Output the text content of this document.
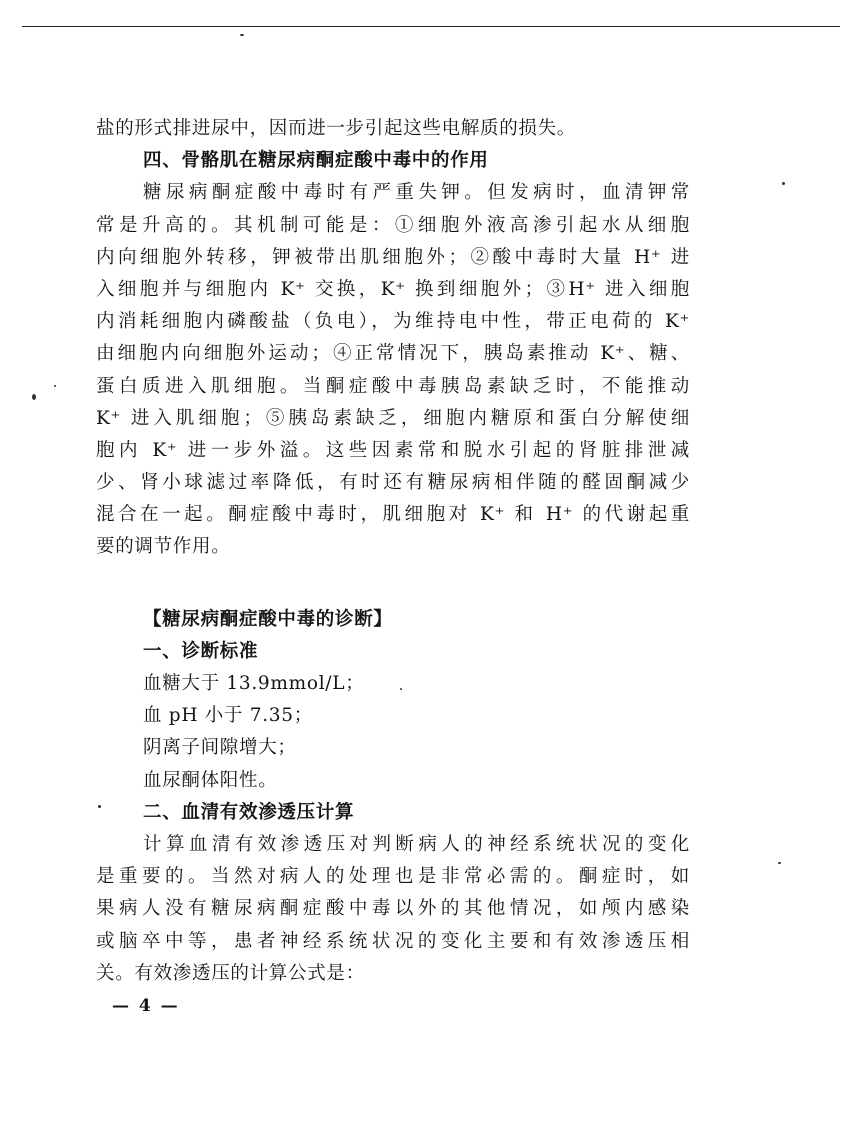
盐的形式排进尿中，因而进一步引起这些电解质的损失。
四、骨骼肌在糖尿病酮症酸中毒中的作用
糖尿病酮症酸中毒时有严重失钾。但发病时，血清钾常
常是升高的。其机制可能是：①细胞外液高渗引起水从细胞
内向细胞外转移，钾被带出肌细胞外；②酸中毒时大量 H⁺ 进
入细胞并与细胞内 K⁺ 交换，K⁺ 换到细胞外；③H⁺ 进入细胞
内消耗细胞内磷酸盐（负电），为维持电中性，带正电荷的 K⁺
由细胞内向细胞外运动；④正常情况下，胰岛素推动 K⁺、糖、
蛋白质进入肌细胞。当酮症酸中毒胰岛素缺乏时，不能推动
K⁺ 进入肌细胞；⑤胰岛素缺乏，细胞内糖原和蛋白分解使细
胞内 K⁺ 进一步外溢。这些因素常和脱水引起的肾脏排泄减
少、肾小球滤过率降低，有时还有糖尿病相伴随的醛固酮减少
混合在一起。酮症酸中毒时，肌细胞对 K⁺ 和 H⁺ 的代谢起重
要的调节作用。
【糖尿病酮症酸中毒的诊断】
一、诊断标准
血糖大于 13.9mmol/L；
血 pH 小于 7.35；
阴离子间隙增大；
血尿酮体阳性。
二、血清有效渗透压计算
计算血清有效渗透压对判断病人的神经系统状况的变化
是重要的。当然对病人的处理也是非常必需的。酮症时，如
果病人没有糖尿病酮症酸中毒以外的其他情况，如颅内感染
或脑卒中等，患者神经系统状况的变化主要和有效渗透压相
关。有效渗透压的计算公式是：
— 4 —
